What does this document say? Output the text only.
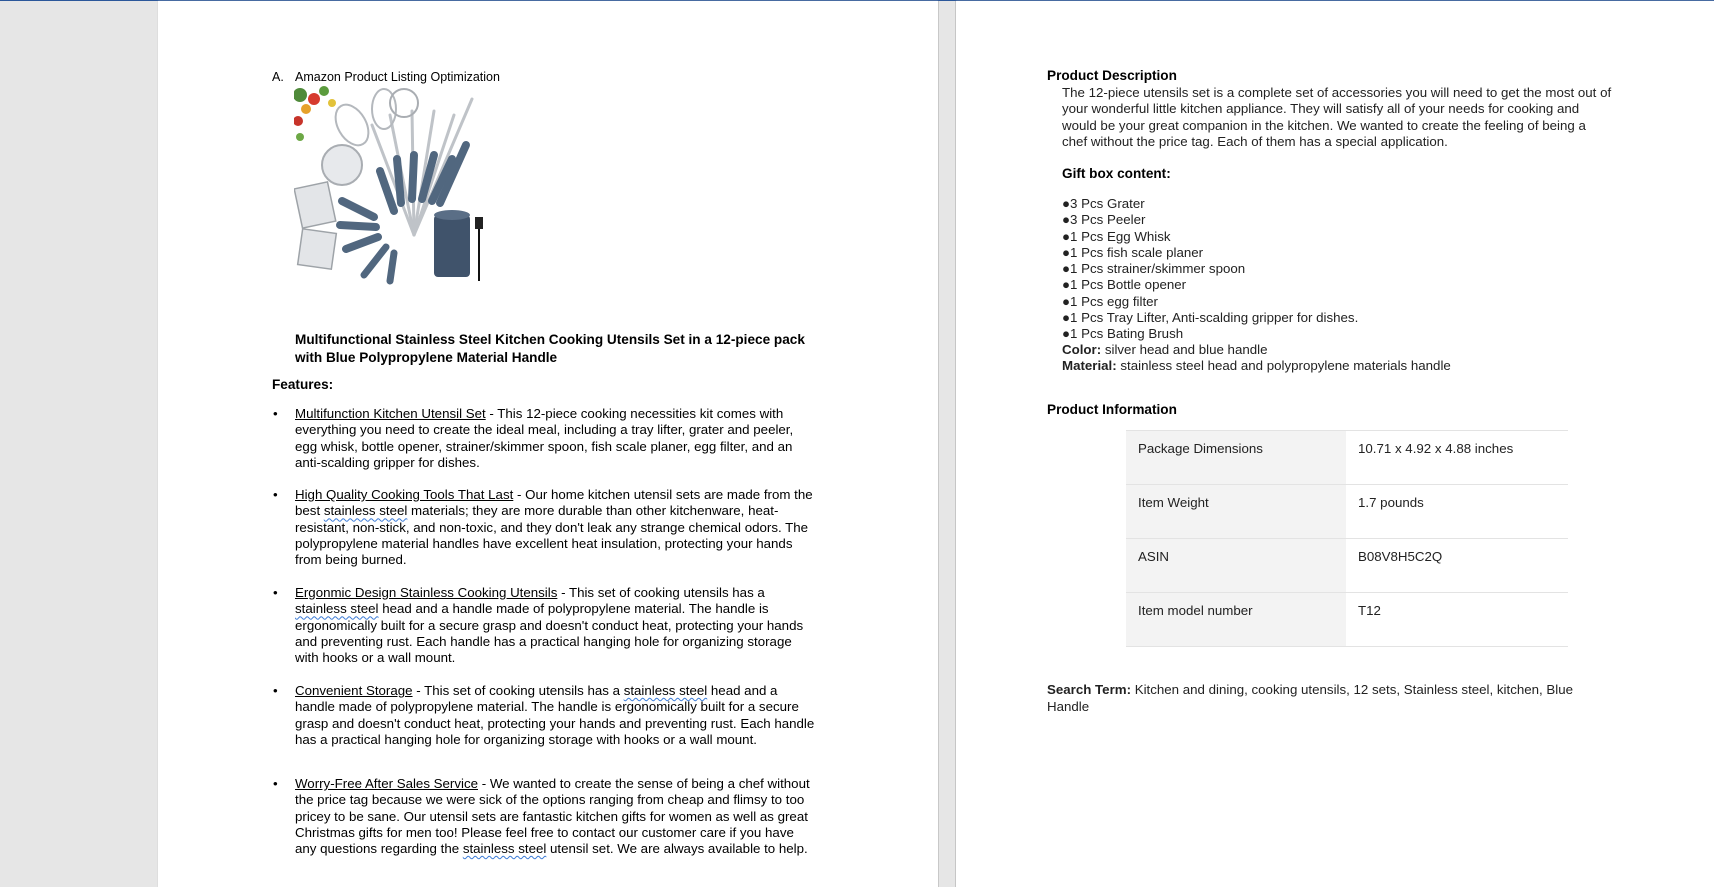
A. Amazon Product Listing Optimization
Multifunctional Stainless Steel Kitchen Cooking Utensils Set in a 12-piece pack
with Blue Polypropylene Material Handle
Features:
• Multifunction Kitchen Utensil Set - This 12-piece cooking necessities kit comes with
everything you need to create the ideal meal, including a tray lifter, grater and peeler,
egg whisk, bottle opener, strainer/skimmer spoon, fish scale planer, egg filter, and an
anti-scalding gripper for dishes.
• High Quality Cooking Tools That Last - Our home kitchen utensil sets are made from the
best stainless steel materials; they are more durable than other kitchenware, heat-
resistant, non-stick, and non-toxic, and they don't leak any strange chemical odors. The
polypropylene material handles have excellent heat insulation, protecting your hands
from being burned.
• Ergonmic Design Stainless Cooking Utensils - This set of cooking utensils has a
stainless steel head and a handle made of polypropylene material. The handle is
ergonomically built for a secure grasp and doesn't conduct heat, protecting your hands
and preventing rust. Each handle has a practical hanging hole for organizing storage
with hooks or a wall mount.
• Convenient Storage - This set of cooking utensils has a stainless steel head and a
handle made of polypropylene material. The handle is ergonomically built for a secure
grasp and doesn't conduct heat, protecting your hands and preventing rust. Each handle
has a practical hanging hole for organizing storage with hooks or a wall mount.
• Worry-Free After Sales Service - We wanted to create the sense of being a chef without
the price tag because we were sick of the options ranging from cheap and flimsy to too
pricey to be sane. Our utensil sets are fantastic kitchen gifts for women as well as great
Christmas gifts for men too! Please feel free to contact our customer care if you have
any questions regarding the stainless steel utensil set. We are always available to help.
Product Description
The 12-piece utensils set is a complete set of accessories you will need to get the most out of
your wonderful little kitchen appliance. They will satisfy all of your needs for cooking and
would be your great companion in the kitchen. We wanted to create the feeling of being a
chef without the price tag. Each of them has a special application.
Gift box content:
●3 Pcs Grater
●3 Pcs Peeler
●1 Pcs Egg Whisk
●1 Pcs fish scale planer
●1 Pcs strainer/skimmer spoon
●1 Pcs Bottle opener
●1 Pcs egg filter
●1 Pcs Tray Lifter, Anti-scalding gripper for dishes.
●1 Pcs Bating Brush
Color: silver head and blue handle
Material: stainless steel head and polypropylene materials handle
Product Information
Package Dimensions	10.71 x 4.92 x 4.88 inches
Item Weight	1.7 pounds
ASIN	B08V8H5C2Q
Item model number	T12
Search Term: Kitchen and dining, cooking utensils, 12 sets, Stainless steel, kitchen, Blue
Handle
